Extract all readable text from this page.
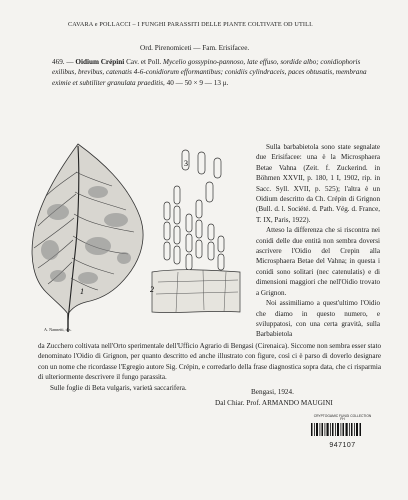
CAVARA e POLLACCI – I FUNGHI PARASSITI DELLE PIANTE COLTIVATE OD UTILI.
Ord. Pirenomiceti — Fam. Erisifacee.
469. — Oidium Crépini Cav. et Poll. Mycelio gossypino-pannoso, late effuso, sordide albo; conidiophoris exilibus, brevibus, catenatis 4-6-conidiorum efformantibus; conidiis cylindraceis, paces obtusatis, membrana eximie et subtiliter granulata praeditis, 40 — 50 × 9 — 13 μ.
1	2
3
A. Nannetti, dis.

Sulla barbabietola sono state segnalate due Erisifacee: una è la Microsphaera Betae Vahna (Zeit. f. Zuckerind. in Böhmen XXVII, p. 180, 1 I, 1902, rip. in Sacc. Syll. XVII, p. 525); l'altra è un Oidium descritto da Ch. Crépin di Grignon (Bull. d. l. Société. d. Path. Vég. d. France, T. IX, Paris, 1922).

Atteso la differenza che si riscontra nei conidi delle due entità non sembra doversi ascrivere l'Oidio del Crepin alla Microsphaera Betae del Vahna; in questa i conidi sono solitari (nec catenulatis) e di dimensioni maggiori che nell'Oidio trovato a Grignon.

Noi assimiliamo a quest'ultimo l'Oidio che diamo in questo numero, e sviluppatosi, con una certa gravità, sulla Barbabietola

da Zucchero coltivata nell'Orto sperimentale dell'Ufficio Agrario di Bengasi (Cirenaica). Siccome non sembra esser stato denominato l'Oidio di Grignon, per quanto descritto ed anche illustrato con figure, così ci è parso di doverlo designare con un nome che ricordasse l'Egregio autore Sig. Crépin, e corredarlo della frase diagnostica sopra data, che ci risparmia di ulteriormente descrivere il fungo parassita.

Sulle foglie di Beta vulgaris, varietà saccarifera.

Bengasi, 1924.
Dal Chiar. Prof. ARMANDO MAUGINI
CRYPTOGAMIC FUNGI COLLECTION
FH
947107
